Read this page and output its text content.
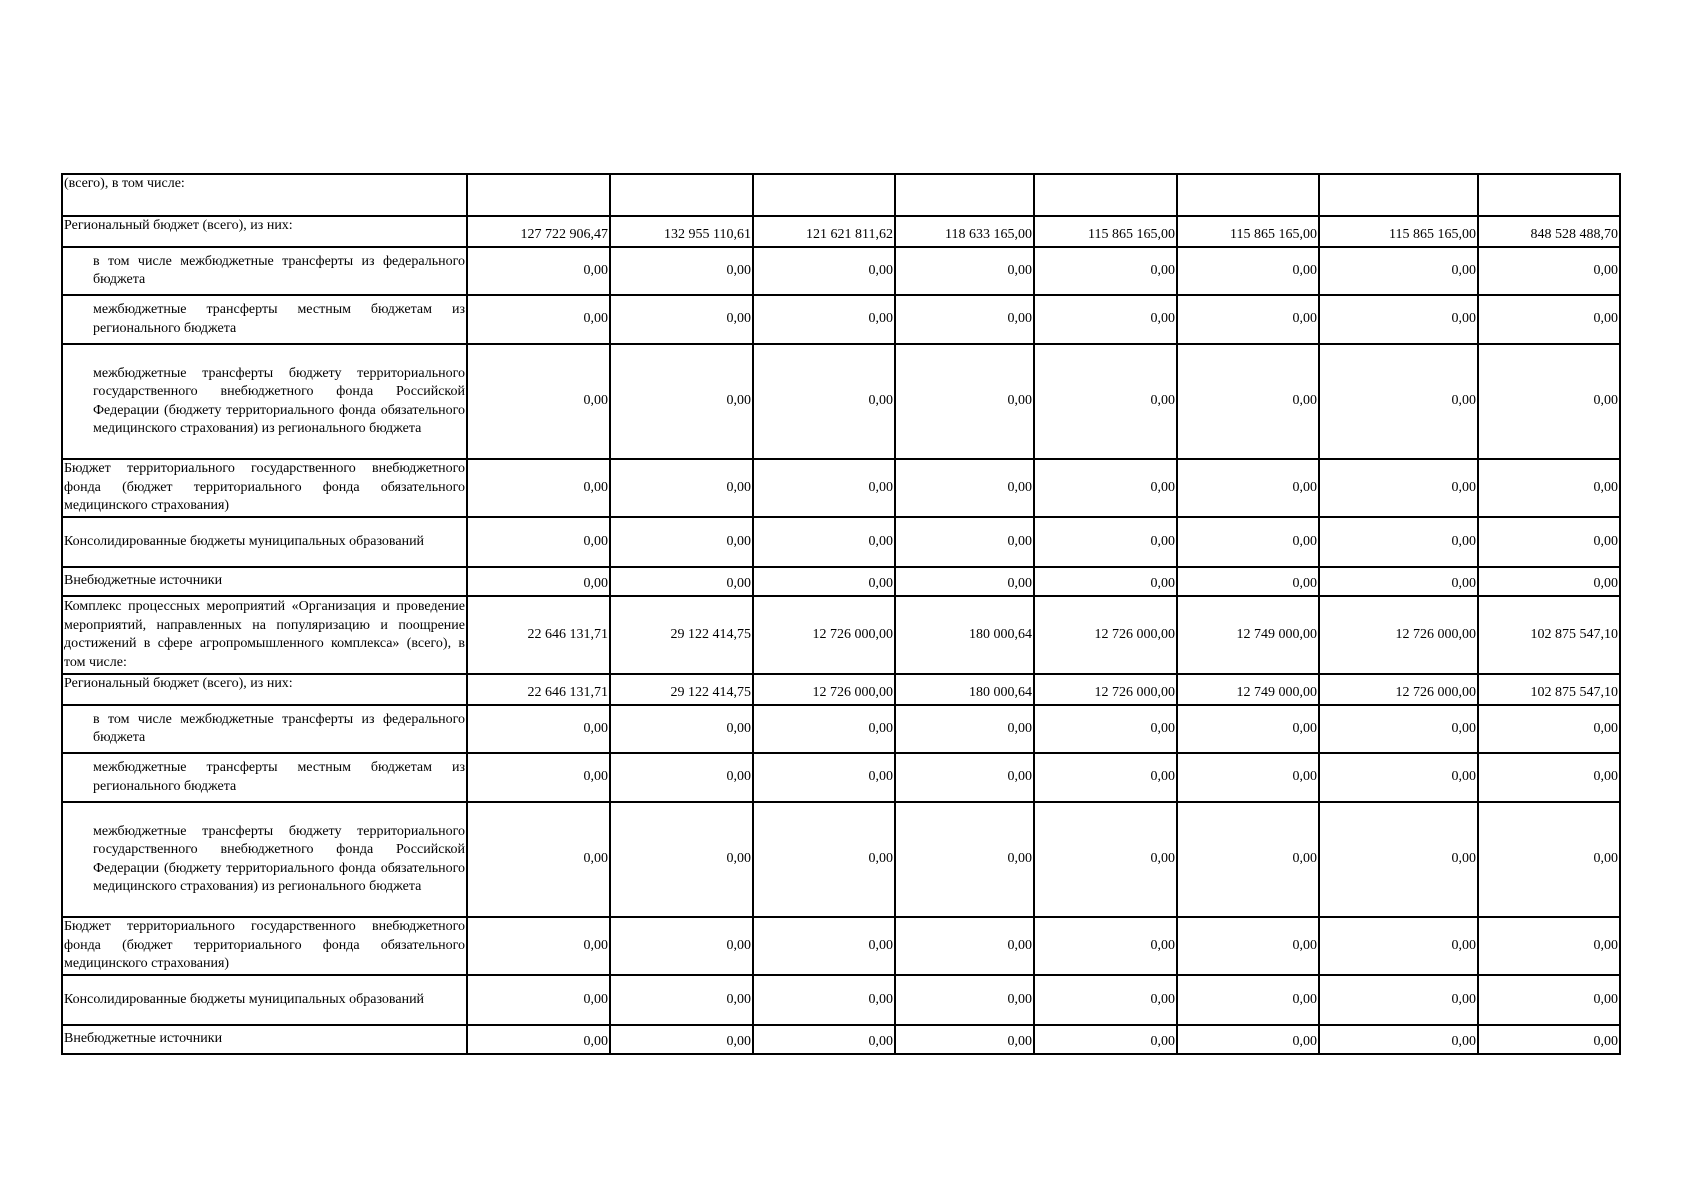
(всего), в том числе:								
Региональный бюджет (всего), из них:	127 722 906,47	132 955 110,61	121 621 811,62	118 633 165,00	115 865 165,00	115 865 165,00	115 865 165,00	848 528 488,70
в том числе межбюджетные трансферты из федерального бюджета	0,00	0,00	0,00	0,00	0,00	0,00	0,00	0,00
межбюджетные трансферты местным бюджетам из регионального бюджета	0,00	0,00	0,00	0,00	0,00	0,00	0,00	0,00
межбюджетные трансферты бюджету территориального государственного внебюджетного фонда Российской Федерации (бюджету территориального фонда обязательного медицинского страхования) из регионального бюджета	0,00	0,00	0,00	0,00	0,00	0,00	0,00	0,00
Бюджет территориального государственного внебюджетного фонда (бюджет территориального фонда обязательного медицинского страхования)	0,00	0,00	0,00	0,00	0,00	0,00	0,00	0,00
Консолидированные бюджеты муниципальных образований	0,00	0,00	0,00	0,00	0,00	0,00	0,00	0,00
Внебюджетные источники	0,00	0,00	0,00	0,00	0,00	0,00	0,00	0,00
Комплекс процессных мероприятий «Организация и проведение мероприятий, направленных на популяризацию и поощрение достижений в сфере агропромышленного комплекса» (всего), в том числе:	22 646 131,71	29 122 414,75	12 726 000,00	180 000,64	12 726 000,00	12 749 000,00	12 726 000,00	102 875 547,10
Региональный бюджет (всего), из них:	22 646 131,71	29 122 414,75	12 726 000,00	180 000,64	12 726 000,00	12 749 000,00	12 726 000,00	102 875 547,10
в том числе межбюджетные трансферты из федерального бюджета	0,00	0,00	0,00	0,00	0,00	0,00	0,00	0,00
межбюджетные трансферты местным бюджетам из регионального бюджета	0,00	0,00	0,00	0,00	0,00	0,00	0,00	0,00
межбюджетные трансферты бюджету территориального государственного внебюджетного фонда Российской Федерации (бюджету территориального фонда обязательного медицинского страхования) из регионального бюджета	0,00	0,00	0,00	0,00	0,00	0,00	0,00	0,00
Бюджет территориального государственного внебюджетного фонда (бюджет территориального фонда обязательного медицинского страхования)	0,00	0,00	0,00	0,00	0,00	0,00	0,00	0,00
Консолидированные бюджеты муниципальных образований	0,00	0,00	0,00	0,00	0,00	0,00	0,00	0,00
Внебюджетные источники	0,00	0,00	0,00	0,00	0,00	0,00	0,00	0,00
